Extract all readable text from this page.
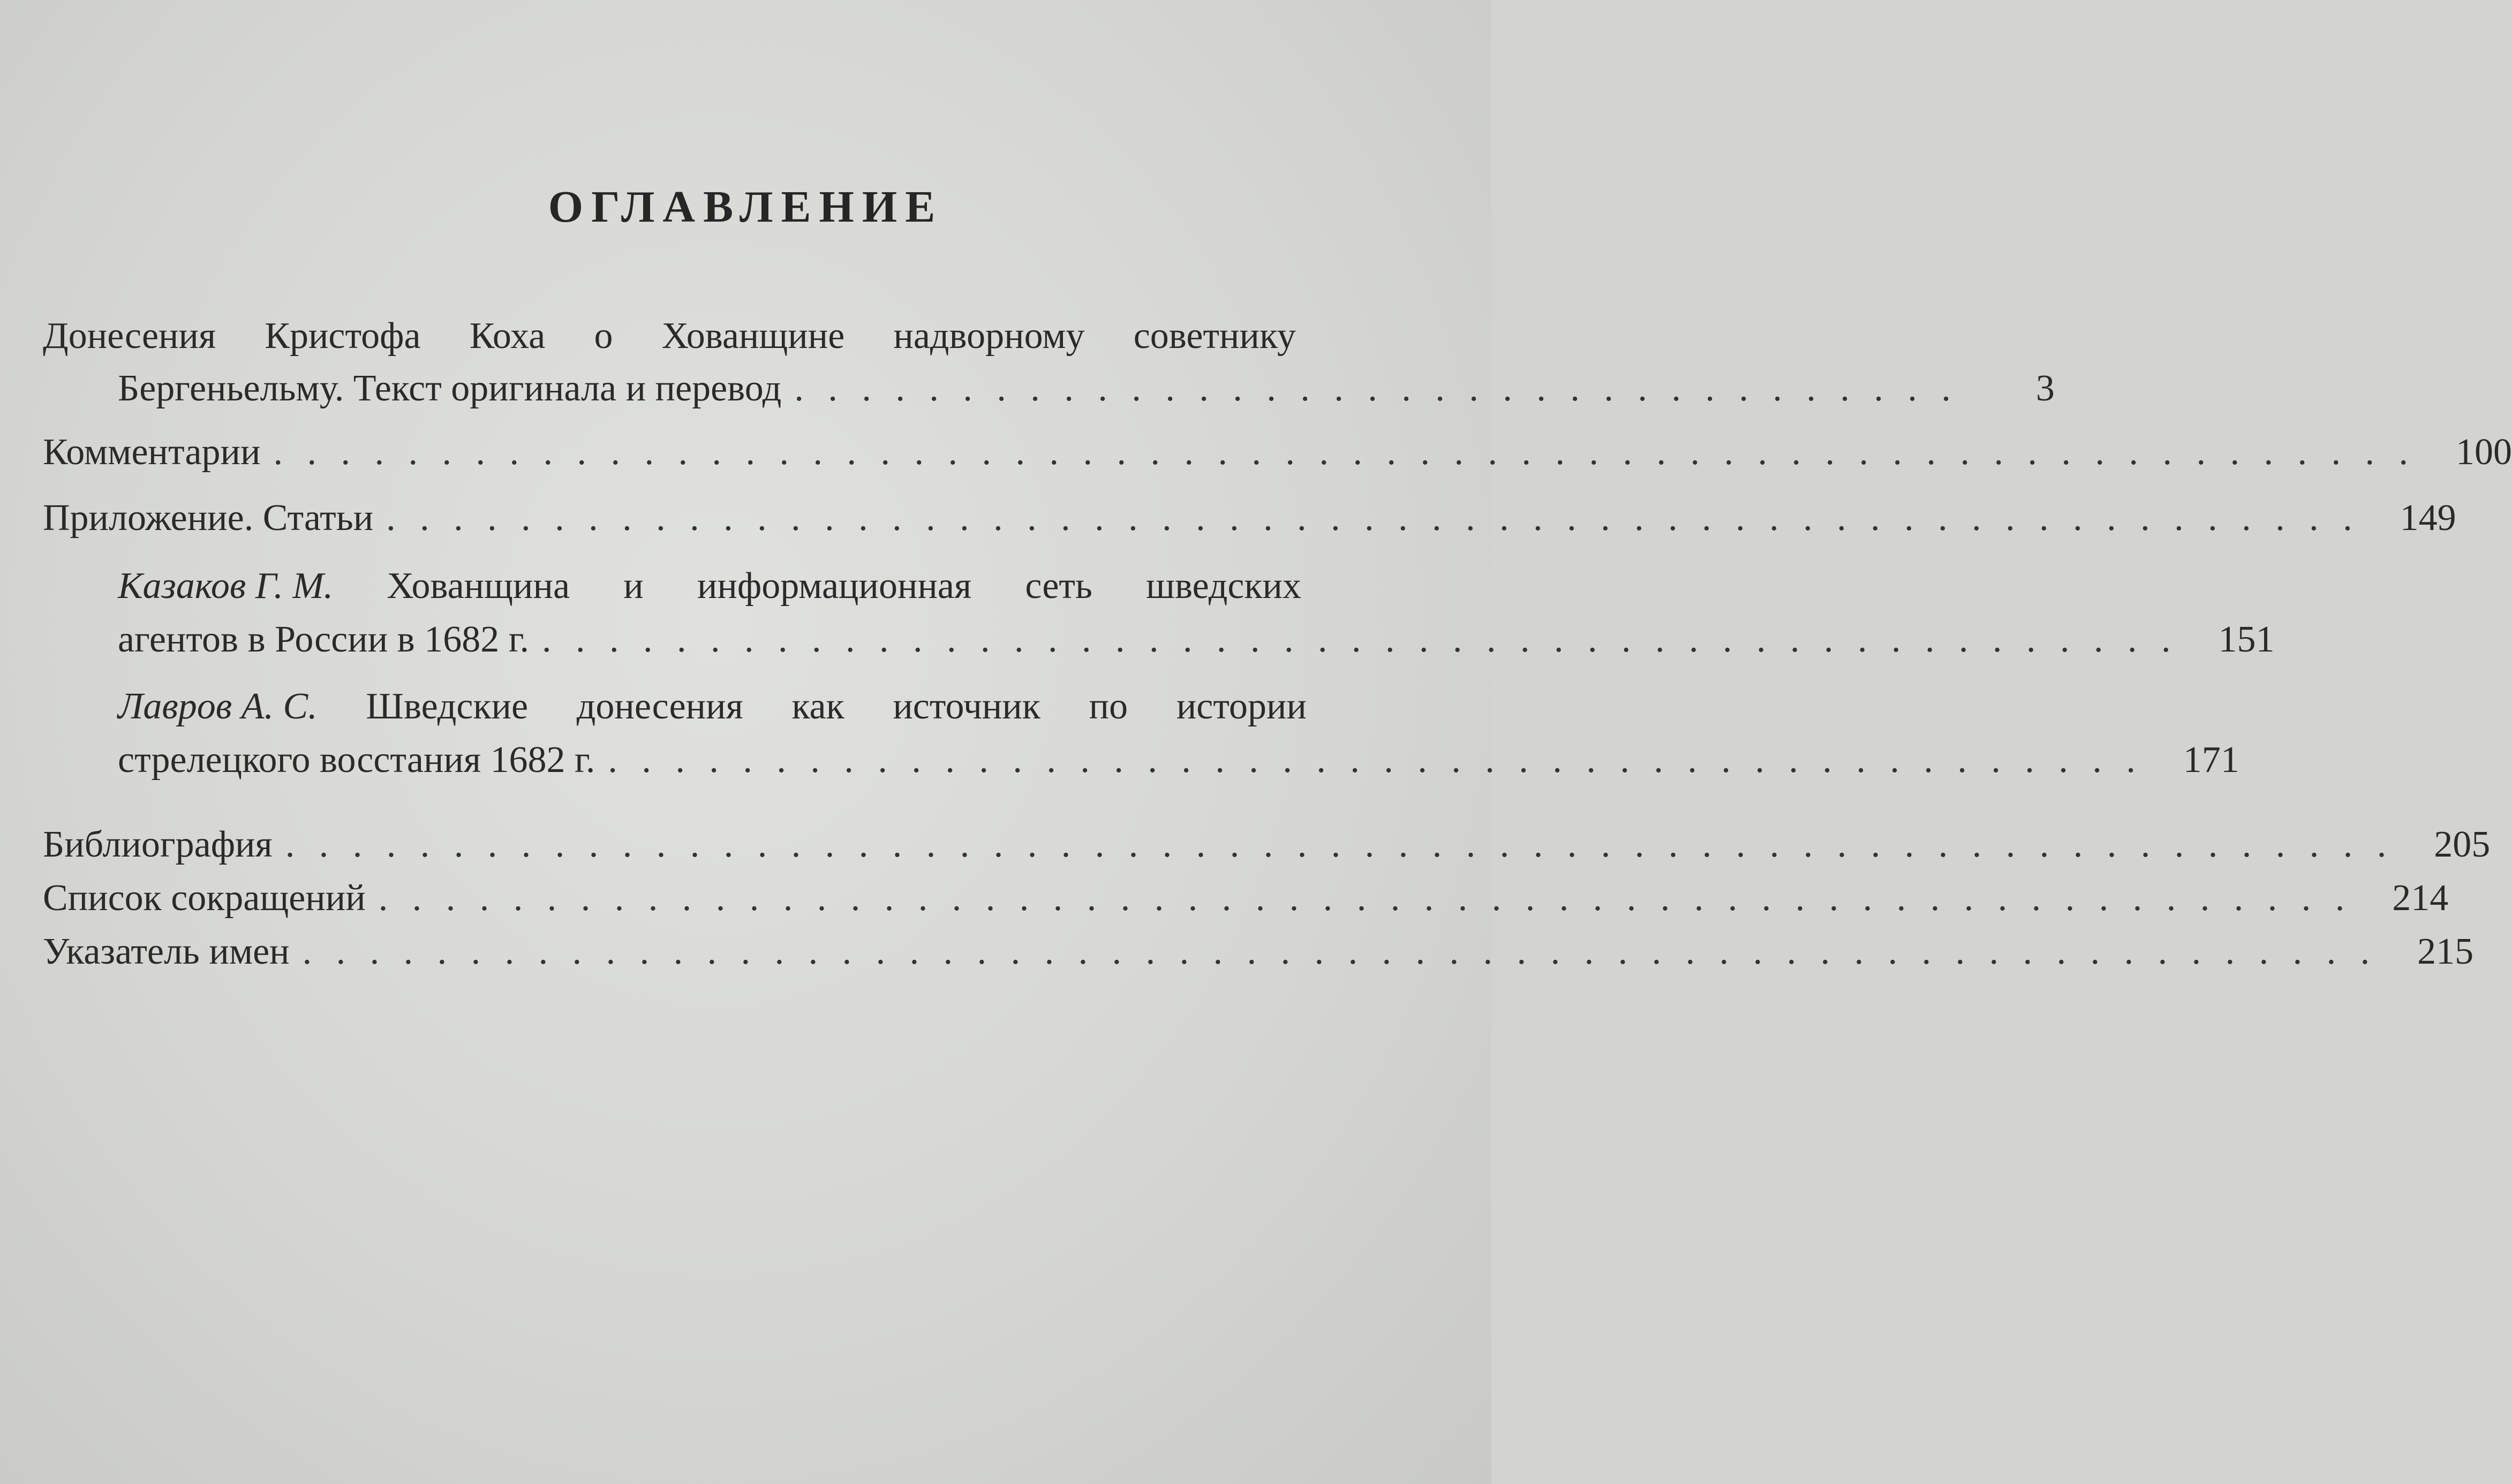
ОГЛАВЛЕНИЕ
Донесения Кристофа Коха о Хованщине надворному советнику
Бергеньельму. Текст оригинала и перевод . . . . . . . . . . . . . . . . . . . . . . . . . . . . . . . . . . .	3
Комментарии . . . . . . . . . . . . . . . . . . . . . . . . . . . . . . . . . . . . . . . . . . . . . . . . . . . . . . . . . . . . . . . .	100
Приложение. Статьи . . . . . . . . . . . . . . . . . . . . . . . . . . . . . . . . . . . . . . . . . . . . . . . . . . . . . . . . . . .	149
Казаков Г. М. Хованщина и информационная сеть шведских
агентов в России в 1682 г. . . . . . . . . . . . . . . . . . . . . . . . . . . . . . . . . . . . . . . . . . . . . . . . . .	151
Лавров А. С. Шведские донесения как источник по истории
стрелецкого восстания 1682 г. . . . . . . . . . . . . . . . . . . . . . . . . . . . . . . . . . . . . . . . . . . . . . .	171
Библиография . . . . . . . . . . . . . . . . . . . . . . . . . . . . . . . . . . . . . . . . . . . . . . . . . . . . . . . . . . . . . . .	205
Список сокращений . . . . . . . . . . . . . . . . . . . . . . . . . . . . . . . . . . . . . . . . . . . . . . . . . . . . . . . . . . .	214
Указатель имен . . . . . . . . . . . . . . . . . . . . . . . . . . . . . . . . . . . . . . . . . . . . . . . . . . . . . . . . . . . . . .	215
